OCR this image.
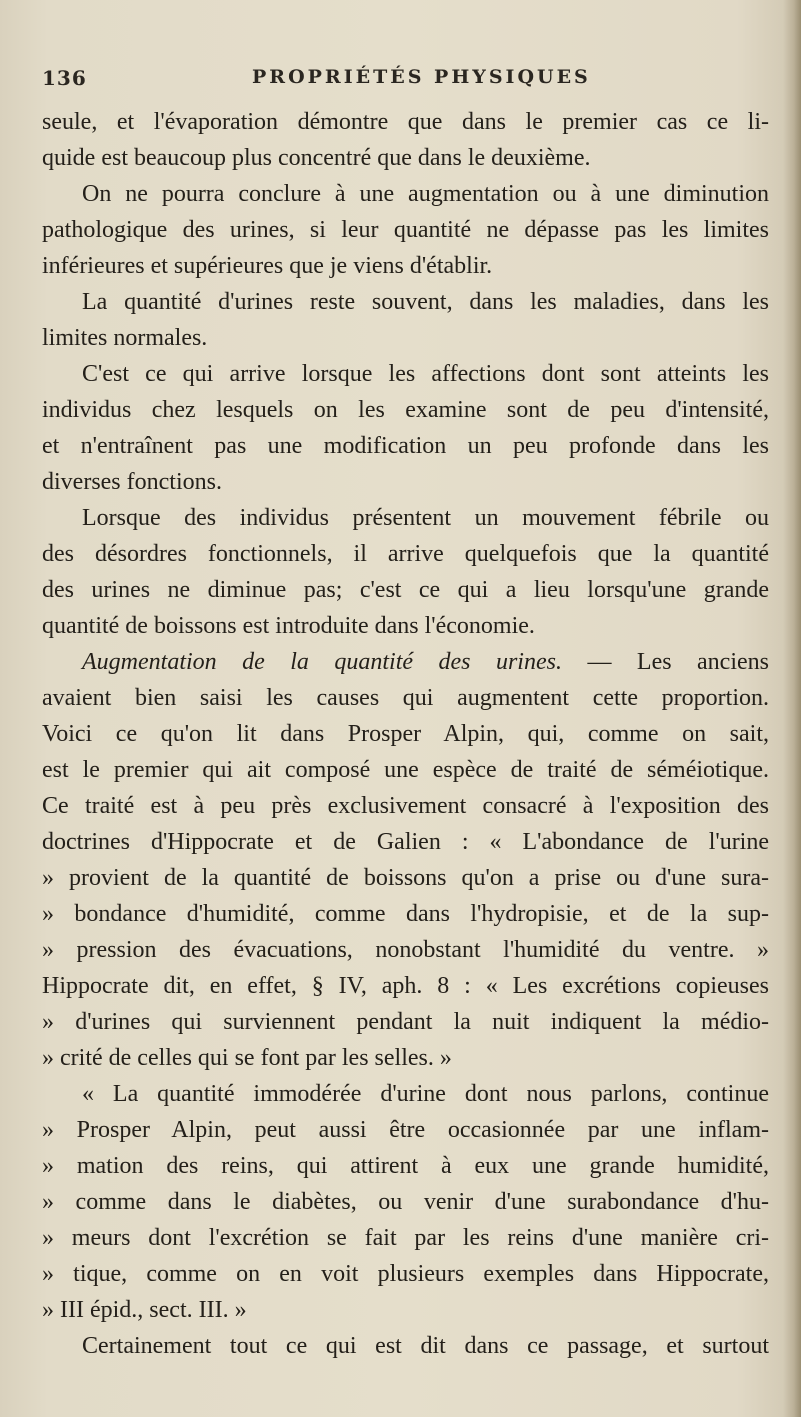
136	PROPRIÉTÉS PHYSIQUES
seule, et l'évaporation démontre que dans le premier cas ce li-
quide est beaucoup plus concentré que dans le deuxième.
On ne pourra conclure à une augmentation ou à une diminution
pathologique des urines, si leur quantité ne dépasse pas les limites
inférieures et supérieures que je viens d'établir.
La quantité d'urines reste souvent, dans les maladies, dans les
limites normales.
C'est ce qui arrive lorsque les affections dont sont atteints les
individus chez lesquels on les examine sont de peu d'intensité,
et n'entraînent pas une modification un peu profonde dans les
diverses fonctions.
Lorsque des individus présentent un mouvement fébrile ou
des désordres fonctionnels, il arrive quelquefois que la quantité
des urines ne diminue pas; c'est ce qui a lieu lorsqu'une grande
quantité de boissons est introduite dans l'économie.
Augmentation de la quantité des urines. — Les anciens
avaient bien saisi les causes qui augmentent cette proportion.
Voici ce qu'on lit dans Prosper Alpin, qui, comme on sait,
est le premier qui ait composé une espèce de traité de séméiotique.
Ce traité est à peu près exclusivement consacré à l'exposition des
doctrines d'Hippocrate et de Galien : « L'abondance de l'urine
» provient de la quantité de boissons qu'on a prise ou d'une sura-
» bondance d'humidité, comme dans l'hydropisie, et de la sup-
» pression des évacuations, nonobstant l'humidité du ventre. »
Hippocrate dit, en effet, § IV, aph. 8 : « Les excrétions copieuses
» d'urines qui surviennent pendant la nuit indiquent la médio-
» crité de celles qui se font par les selles. »
« La quantité immodérée d'urine dont nous parlons, continue
» Prosper Alpin, peut aussi être occasionnée par une inflam-
» mation des reins, qui attirent à eux une grande humidité,
» comme dans le diabètes, ou venir d'une surabondance d'hu-
» meurs dont l'excrétion se fait par les reins d'une manière cri-
» tique, comme on en voit plusieurs exemples dans Hippocrate,
» III épid., sect. III. »
Certainement tout ce qui est dit dans ce passage, et surtout
